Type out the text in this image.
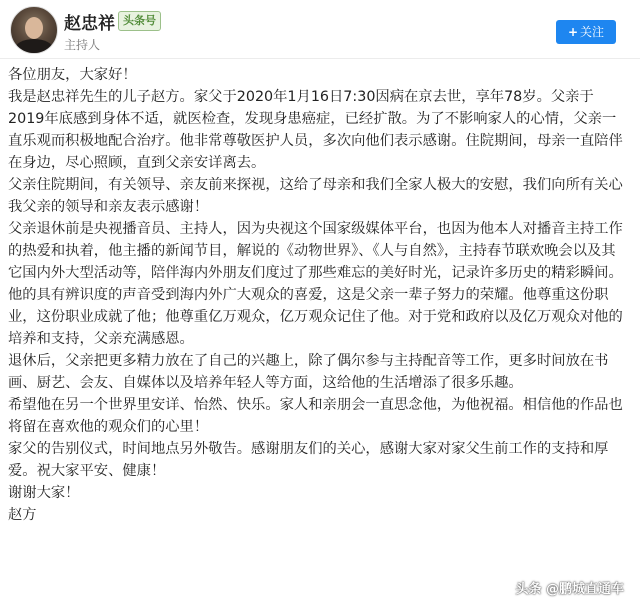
赵忠祥 头条号
主持人
+ 关注

各位朋友，大家好！

我是赵忠祥先生的儿子赵方。家父于2020年1月16日7:30因病在京去世，享年78岁。父亲于2019年底感到身体不适，就医检查，发现身患癌症，已经扩散。为了不影响家人的心情，父亲一直乐观而积极地配合治疗。他非常尊敬医护人员，多次向他们表示感谢。住院期间，母亲一直陪伴在身边，尽心照顾，直到父亲安详离去。

父亲住院期间，有关领导、亲友前来探视，这给了母亲和我们全家人极大的安慰，我们向所有关心我父亲的领导和亲友表示感谢！

父亲退休前是央视播音员、主持人，因为央视这个国家级媒体平台，也因为他本人对播音主持工作的热爱和执着，他主播的新闻节目，解说的《动物世界》、《人与自然》，主持春节联欢晚会以及其它国内外大型活动等，陪伴海内外朋友们度过了那些难忘的美好时光，记录许多历史的精彩瞬间。他的具有辨识度的声音受到海内外广大观众的喜爱，这是父亲一辈子努力的荣耀。他尊重这份职业，这份职业成就了他；他尊重亿万观众，亿万观众记住了他。对于党和政府以及亿万观众对他的培养和支持，父亲充满感恩。

退休后，父亲把更多精力放在了自己的兴趣上，除了偶尔参与主持配音等工作，更多时间放在书画、厨艺、会友、自媒体以及培养年轻人等方面，这给他的生活增添了很多乐趣。

希望他在另一个世界里安详、怡然、快乐。家人和亲朋会一直思念他，为他祝福。相信他的作品也将留在喜欢他的观众们的心里！

家父的告别仪式，时间地点另外敬告。感谢朋友们的关心，感谢大家对家父生前工作的支持和厚爱。祝大家平安、健康！

谢谢大家！

赵方

头条 @鹏城直通车
